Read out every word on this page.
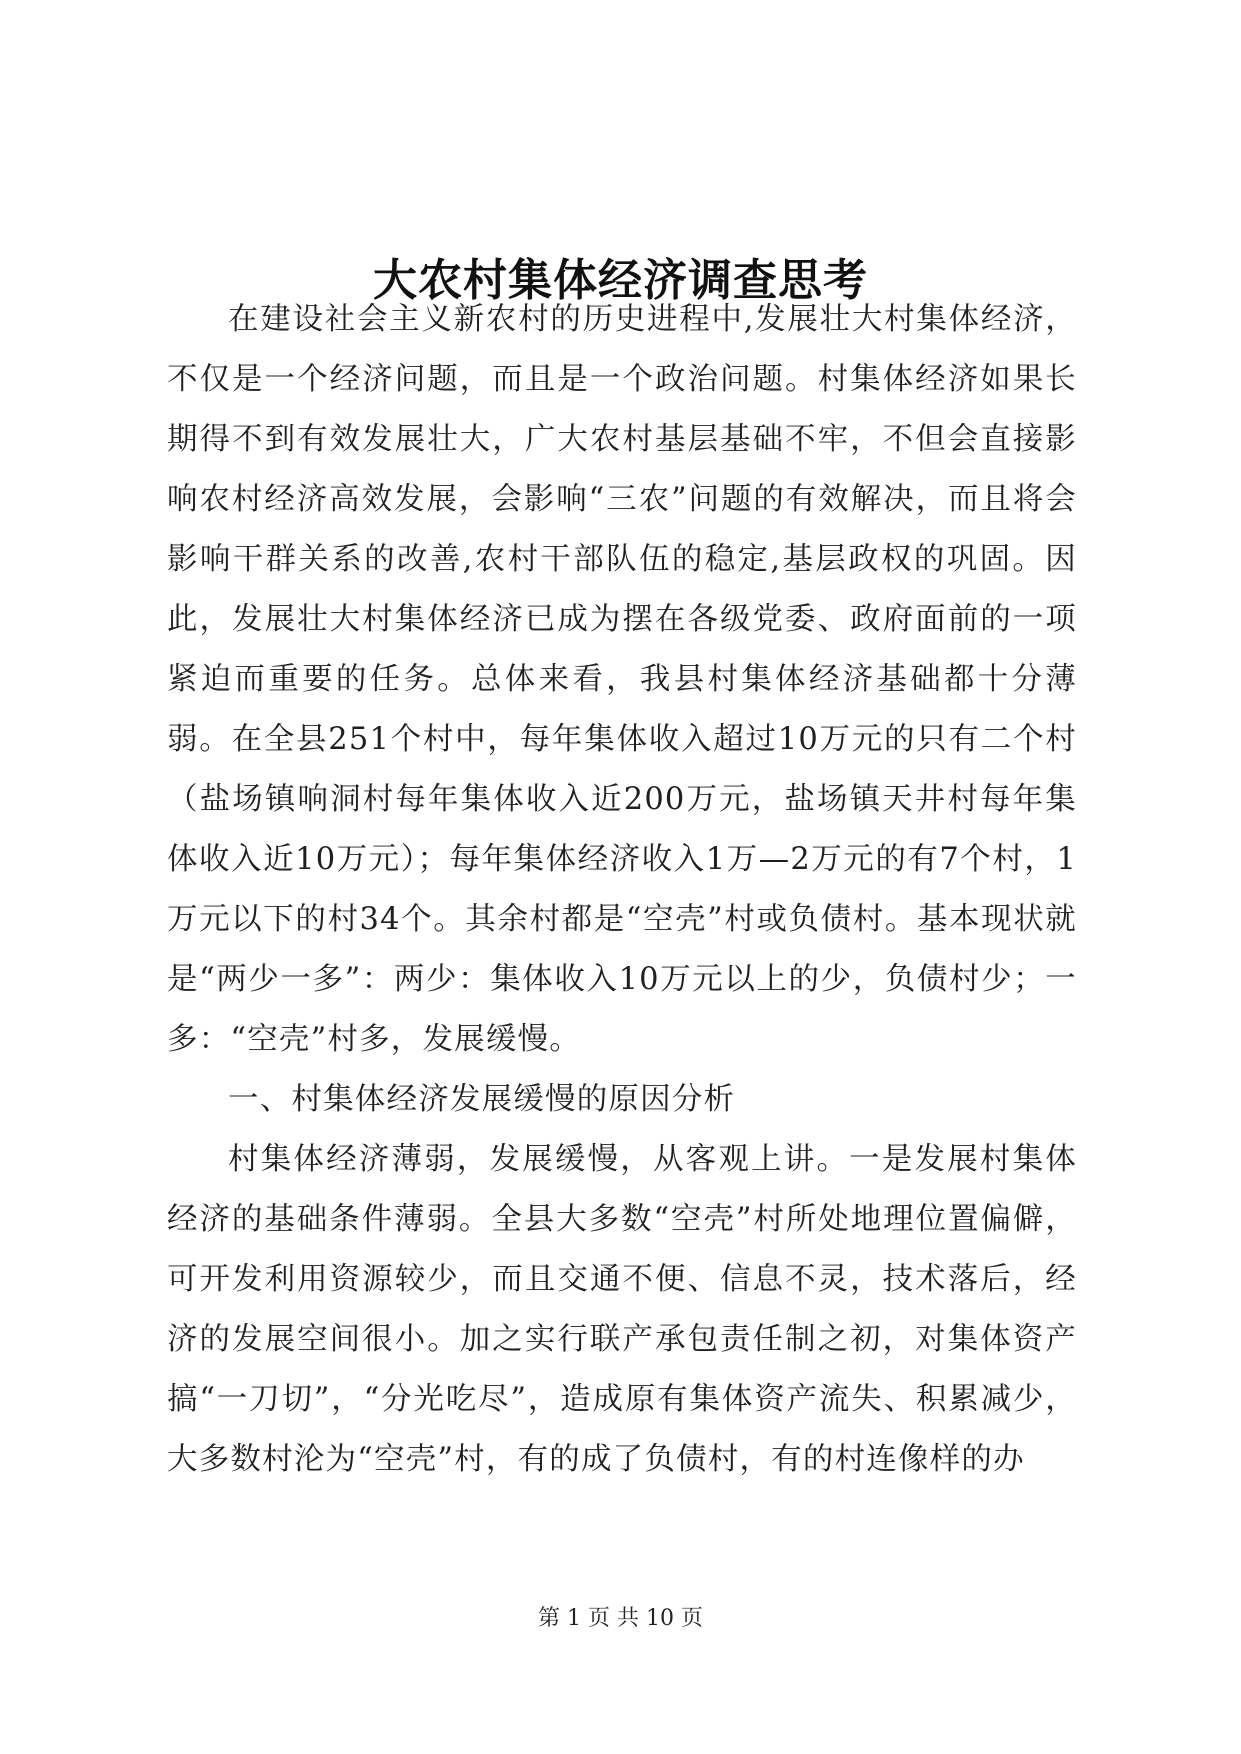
大农村集体经济调查思考

在建设社会主义新农村的历史进程中,发展壮大村集体经济，不仅是一个经济问题，而且是一个政治问题。村集体经济如果长期得不到有效发展壮大，广大农村基层基础不牢，不但会直接影响农村经济高效发展，会影响“三农”问题的有效解决，而且将会影响干群关系的改善,农村干部队伍的稳定,基层政权的巩固。因此，发展壮大村集体经济已成为摆在各级党委、政府面前的一项紧迫而重要的任务。总体来看，我县村集体经济基础都十分薄弱。在全县251个村中，每年集体收入超过10万元的只有二个村（盐场镇响洞村每年集体收入近200万元，盐场镇天井村每年集体收入近10万元）；每年集体经济收入1万—2万元的有7个村，1万元以下的村34个。其余村都是“空壳”村或负债村。基本现状就是“两少一多”：两少：集体收入10万元以上的少，负债村少；一多：“空壳”村多，发展缓慢。

一、村集体经济发展缓慢的原因分析

村集体经济薄弱，发展缓慢，从客观上讲。一是发展村集体经济的基础条件薄弱。全县大多数“空壳”村所处地理位置偏僻，可开发利用资源较少，而且交通不便、信息不灵，技术落后，经济的发展空间很小。加之实行联产承包责任制之初，对集体资产搞“一刀切”，“分光吃尽”，造成原有集体资产流失、积累减少，大多数村沦为“空壳”村，有的成了负债村，有的村连像样的办

第 1 页 共 10 页
